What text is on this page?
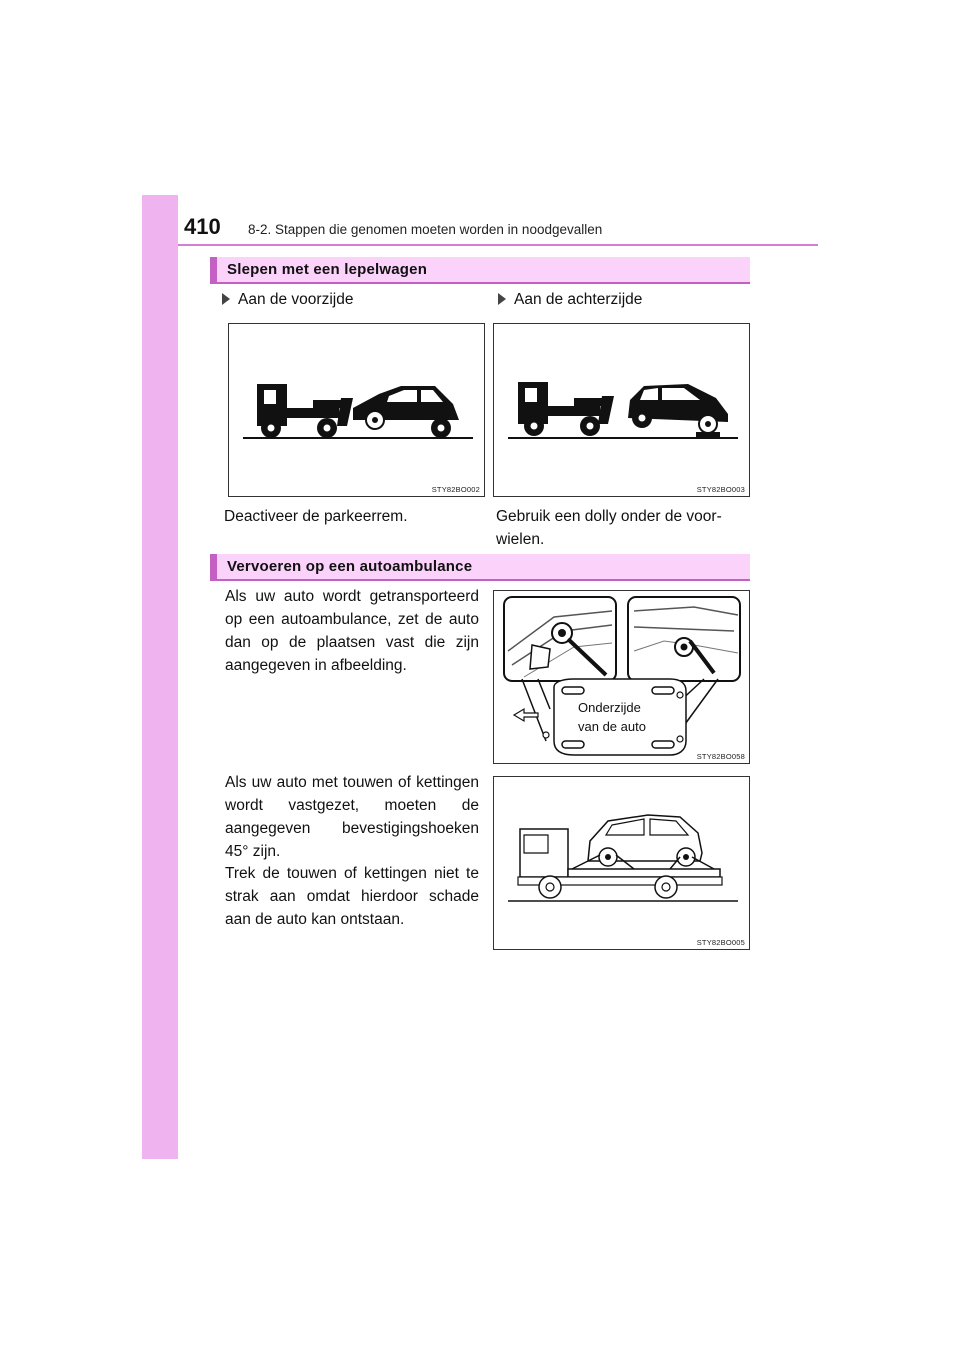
410 8-2. Stappen die genomen moeten worden in noodgevallen
Slepen met een lepelwagen
Aan de voorzijde	Aan de achterzijde
STY82BO002	STY82BO003
Deactiveer de parkeerrem.	Gebruik een dolly onder de voor-
wielen.
Vervoeren op een autoambulance
Als uw auto wordt getransporteerd op een autoambulance, zet de auto dan op de plaatsen vast die zijn aangegeven in afbeelding.
Onderzijde
van de auto
STY82BO058
Als uw auto met touwen of kettingen wordt vastgezet, moeten de aangegeven bevestigingshoeken 45° zijn.
Trek de touwen of kettingen niet te strak aan omdat hierdoor schade aan de auto kan ontstaan.
STY82BO005
